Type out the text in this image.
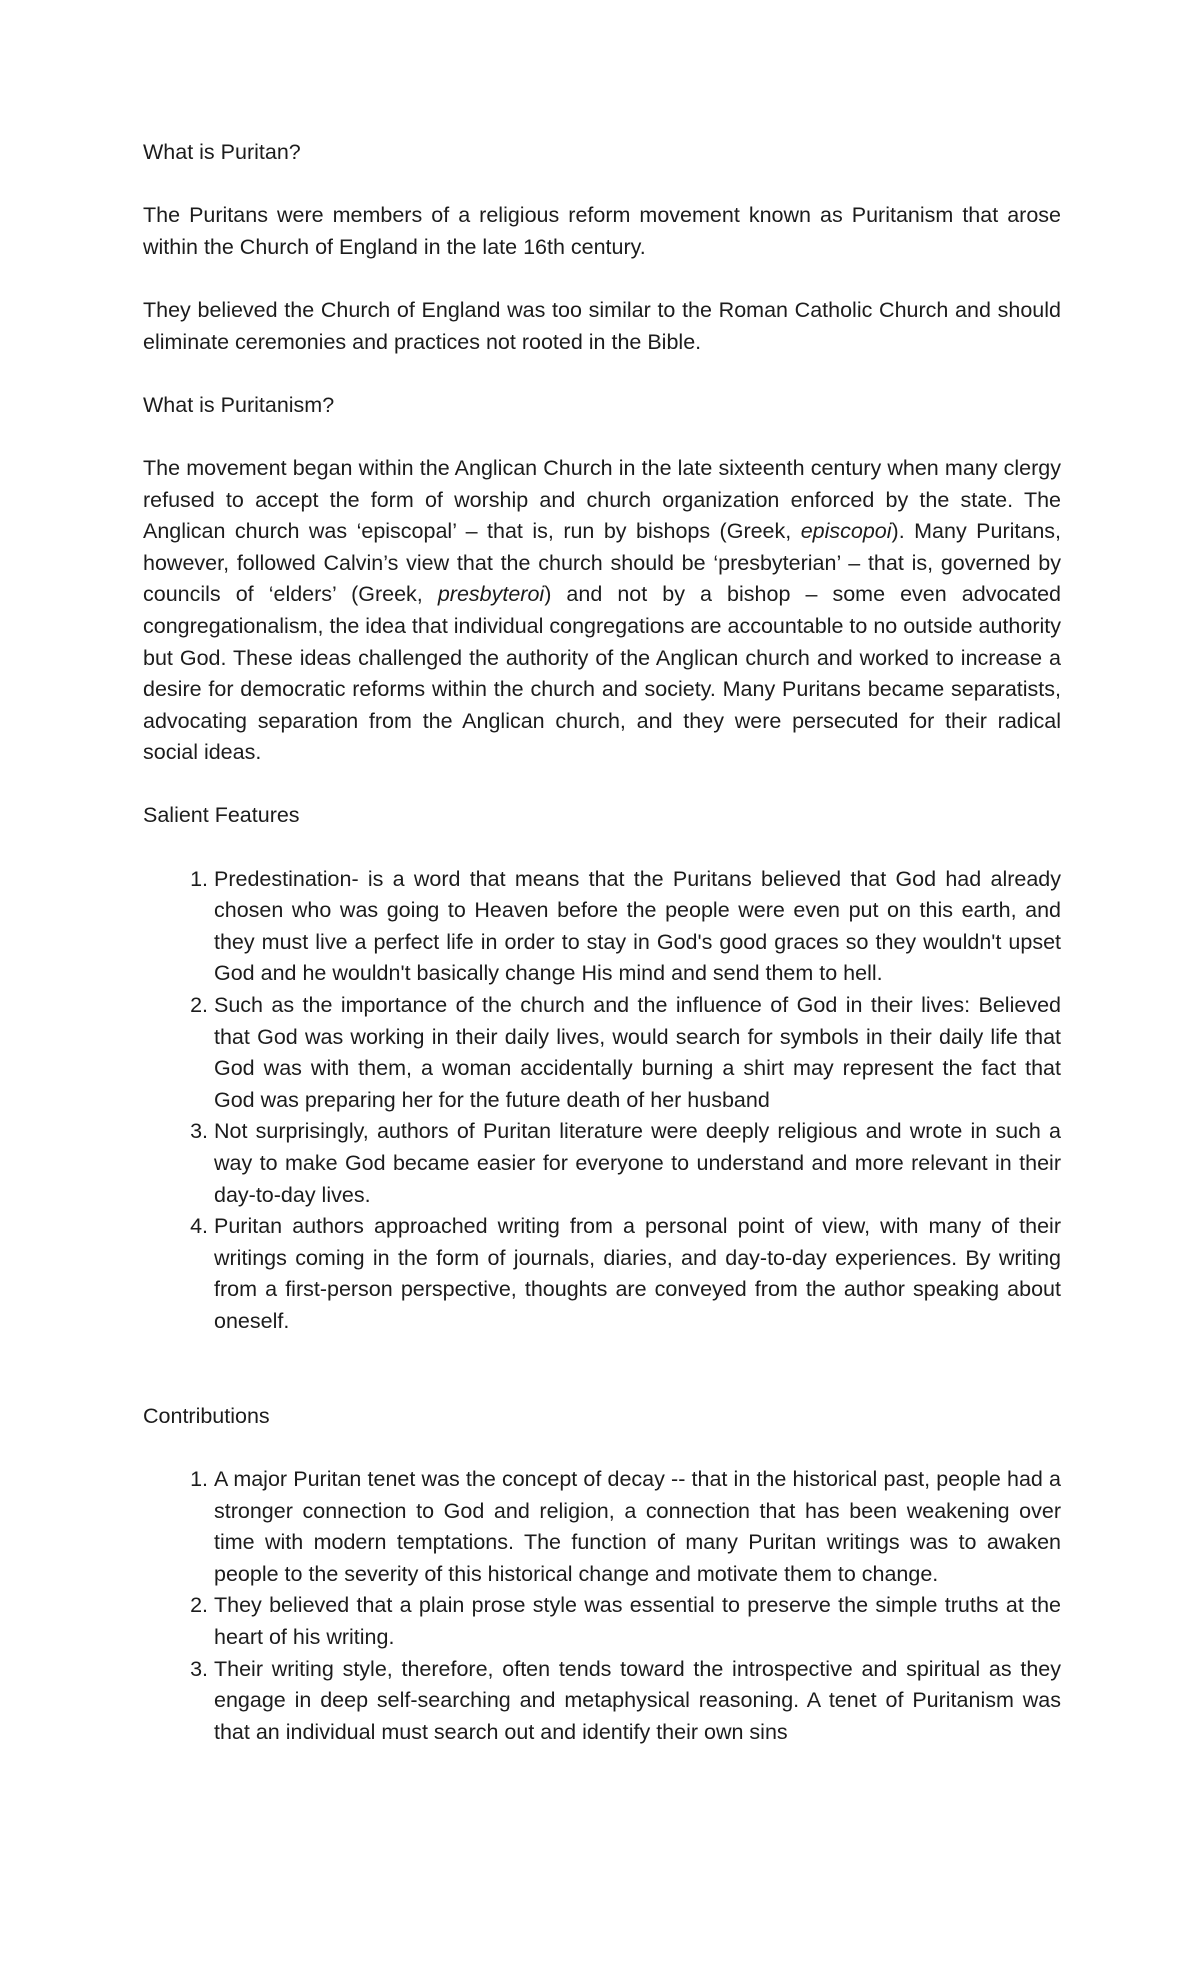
What is Puritan?

The Puritans were members of a religious reform movement known as Puritanism that arose within the Church of England in the late 16th century.

They believed the Church of England was too similar to the Roman Catholic Church and should eliminate ceremonies and practices not rooted in the Bible.

What is Puritanism?

The movement began within the Anglican Church in the late sixteenth century when many clergy refused to accept the form of worship and church organization enforced by the state. The Anglican church was ‘episcopal’ – that is, run by bishops (Greek, episcopoi). Many Puritans, however, followed Calvin’s view that the church should be ‘presbyterian’ – that is, governed by councils of ‘elders’ (Greek, presbyteroi) and not by a bishop – some even advocated congregationalism, the idea that individual congregations are accountable to no outside authority but God. These ideas challenged the authority of the Anglican church and worked to increase a desire for democratic reforms within the church and society. Many Puritans became separatists, advocating separation from the Anglican church, and they were persecuted for their radical social ideas.

Salient Features

1. Predestination- is a word that means that the Puritans believed that God had already chosen who was going to Heaven before the people were even put on this earth, and they must live a perfect life in order to stay in God's good graces so they wouldn't upset God and he wouldn't basically change His mind and send them to hell.
2. Such as the importance of the church and the influence of God in their lives: Believed that God was working in their daily lives, would search for symbols in their daily life that God was with them, a woman accidentally burning a shirt may represent the fact that God was preparing her for the future death of her husband
3. Not surprisingly, authors of Puritan literature were deeply religious and wrote in such a way to make God became easier for everyone to understand and more relevant in their day-to-day lives.
4. Puritan authors approached writing from a personal point of view, with many of their writings coming in the form of journals, diaries, and day-to-day experiences. By writing from a first-person perspective, thoughts are conveyed from the author speaking about oneself.

Contributions

1. A major Puritan tenet was the concept of decay -- that in the historical past, people had a stronger connection to God and religion, a connection that has been weakening over time with modern temptations. The function of many Puritan writings was to awaken people to the severity of this historical change and motivate them to change.
2. They believed that a plain prose style was essential to preserve the simple truths at the heart of his writing.
3. Their writing style, therefore, often tends toward the introspective and spiritual as they engage in deep self-searching and metaphysical reasoning. A tenet of Puritanism was that an individual must search out and identify their own sins
